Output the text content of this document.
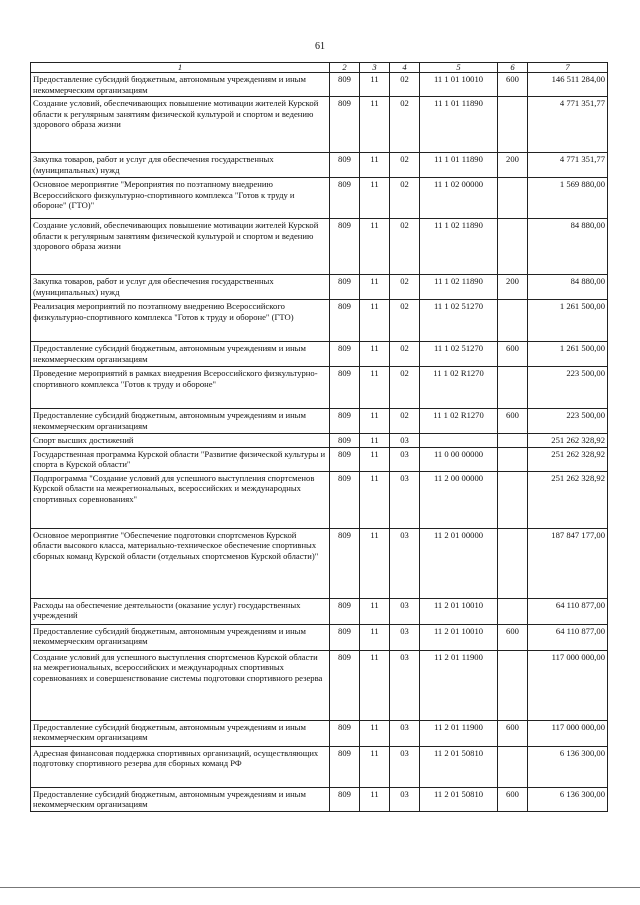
61
1	2	3	4	5	6	7
Предоставление субсидий бюджетным, автономным учреждениям и иным некоммерческим организациям	809	11	02	11 1 01 10010	600	146 511 284,00
Создание условий, обеспечивающих повышение мотивации жителей Курской области к регулярным занятиям физической культурой и спортом и ведению здорового образа жизни	809	11	02	11 1 01 11890		4 771 351,77
Закупка товаров, работ и услуг для обеспечения государственных (муниципальных) нужд	809	11	02	11 1 01 11890	200	4 771 351,77
Основное мероприятие "Мероприятия по поэтапному внедрению Всероссийского физкультурно-спортивного комплекса "Готов к труду и обороне" (ГТО)"	809	11	02	11 1 02 00000		1 569 880,00
Создание условий, обеспечивающих повышение мотивации жителей Курской области к регулярным занятиям физической культурой и спортом и ведению здорового образа жизни	809	11	02	11 1 02 11890		84 880,00
Закупка товаров, работ и услуг для обеспечения государственных (муниципальных) нужд	809	11	02	11 1 02 11890	200	84 880,00
Реализация мероприятий по поэтапному внедрению Всероссийского физкультурно-спортивного комплекса "Готов к труду и обороне" (ГТО)	809	11	02	11 1 02 51270		1 261 500,00
Предоставление субсидий бюджетным, автономным учреждениям и иным некоммерческим организациям	809	11	02	11 1 02 51270	600	1 261 500,00
Проведение мероприятий в рамках внедрения Всероссийского физкультурно-спортивного комплекса "Готов к труду и обороне"	809	11	02	11 1 02 R1270		223 500,00
Предоставление субсидий бюджетным, автономным учреждениям и иным некоммерческим организациям	809	11	02	11 1 02 R1270	600	223 500,00
Спорт высших достижений	809	11	03			251 262 328,92
Государственная программа Курской области "Развитие физической культуры и спорта в Курской области"	809	11	03	11 0 00 00000		251 262 328,92
Подпрограмма "Создание условий для успешного выступления спортсменов Курской области на межрегиональных, всероссийских и международных спортивных соревнованиях"	809	11	03	11 2 00 00000		251 262 328,92
Основное мероприятие "Обеспечение подготовки спортсменов Курской области высокого класса, материально-техническое обеспечение спортивных сборных команд Курской области (отдельных спортсменов Курской области)"	809	11	03	11 2 01 00000		187 847 177,00
Расходы на обеспечение деятельности (оказание услуг) государственных учреждений	809	11	03	11 2 01 10010		64 110 877,00
Предоставление субсидий бюджетным, автономным учреждениям и иным некоммерческим организациям	809	11	03	11 2 01 10010	600	64 110 877,00
Создание условий для успешного выступления спортсменов Курской области на межрегиональных, всероссийских и международных спортивных соревнованиях и совершенствование системы подготовки спортивного резерва	809	11	03	11 2 01 11900		117 000 000,00
Предоставление субсидий бюджетным, автономным учреждениям и иным некоммерческим организациям	809	11	03	11 2 01 11900	600	117 000 000,00
Адресная финансовая поддержка спортивных организаций, осуществляющих подготовку спортивного резерва для сборных команд РФ	809	11	03	11 2 01 50810		6 136 300,00
Предоставление субсидий бюджетным, автономным учреждениям и иным некоммерческим организациям	809	11	03	11 2 01 50810	600	6 136 300,00
